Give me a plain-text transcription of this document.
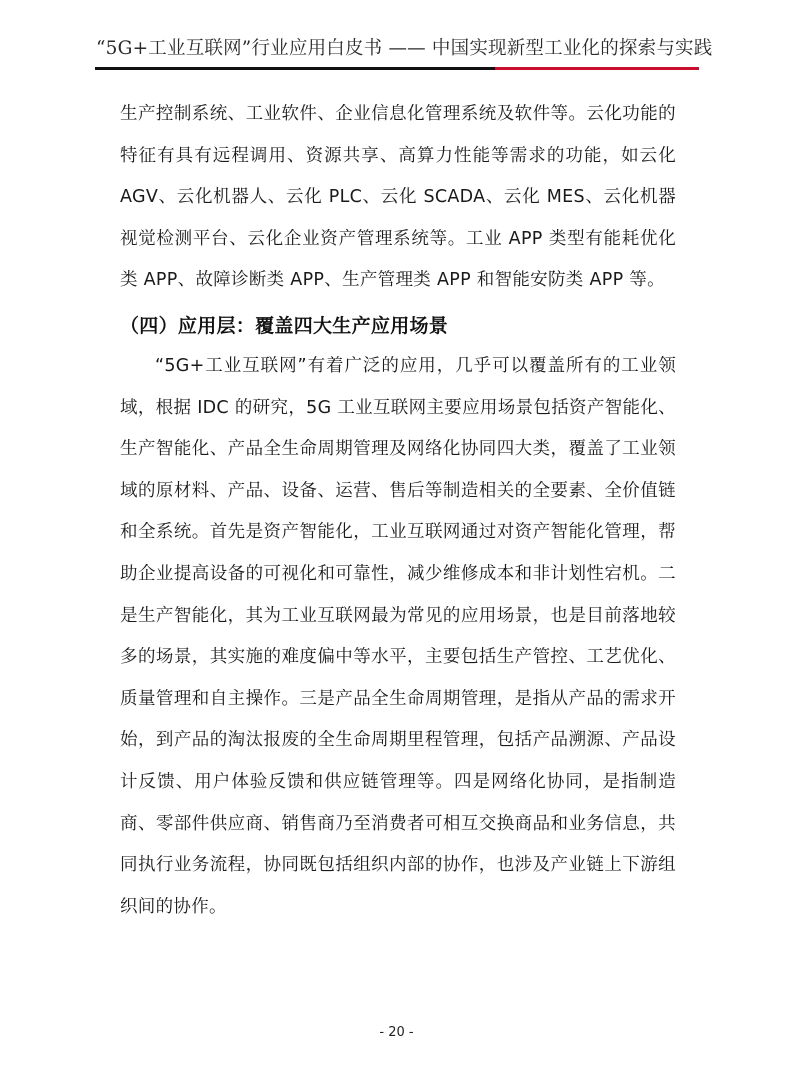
“5G+工业互联网”行业应用白皮书 —— 中国实现新型工业化的探索与实践

生产控制系统、工业软件、企业信息化管理系统及软件等。云化功能的特征有具有远程调用、资源共享、高算力性能等需求的功能，如云化 AGV、云化机器人、云化 PLC、云化 SCADA、云化 MES、云化机器视觉检测平台、云化企业资产管理系统等。工业 APP 类型有能耗优化类 APP、故障诊断类 APP、生产管理类 APP 和智能安防类 APP 等。

（四）应用层：覆盖四大生产应用场景

“5G+工业互联网”有着广泛的应用，几乎可以覆盖所有的工业领域，根据 IDC 的研究，5G 工业互联网主要应用场景包括资产智能化、生产智能化、产品全生命周期管理及网络化协同四大类，覆盖了工业领域的原材料、产品、设备、运营、售后等制造相关的全要素、全价值链和全系统。首先是资产智能化，工业互联网通过对资产智能化管理，帮助企业提高设备的可视化和可靠性，减少维修成本和非计划性宕机。二是生产智能化，其为工业互联网最为常见的应用场景，也是目前落地较多的场景，其实施的难度偏中等水平，主要包括生产管控、工艺优化、质量管理和自主操作。三是产品全生命周期管理，是指从产品的需求开始，到产品的淘汰报废的全生命周期里程管理，包括产品溯源、产品设计反馈、用户体验反馈和供应链管理等。四是网络化协同，是指制造商、零部件供应商、销售商乃至消费者可相互交换商品和业务信息，共同执行业务流程，协同既包括组织内部的协作，也涉及产业链上下游组织间的协作。

- 20 -
